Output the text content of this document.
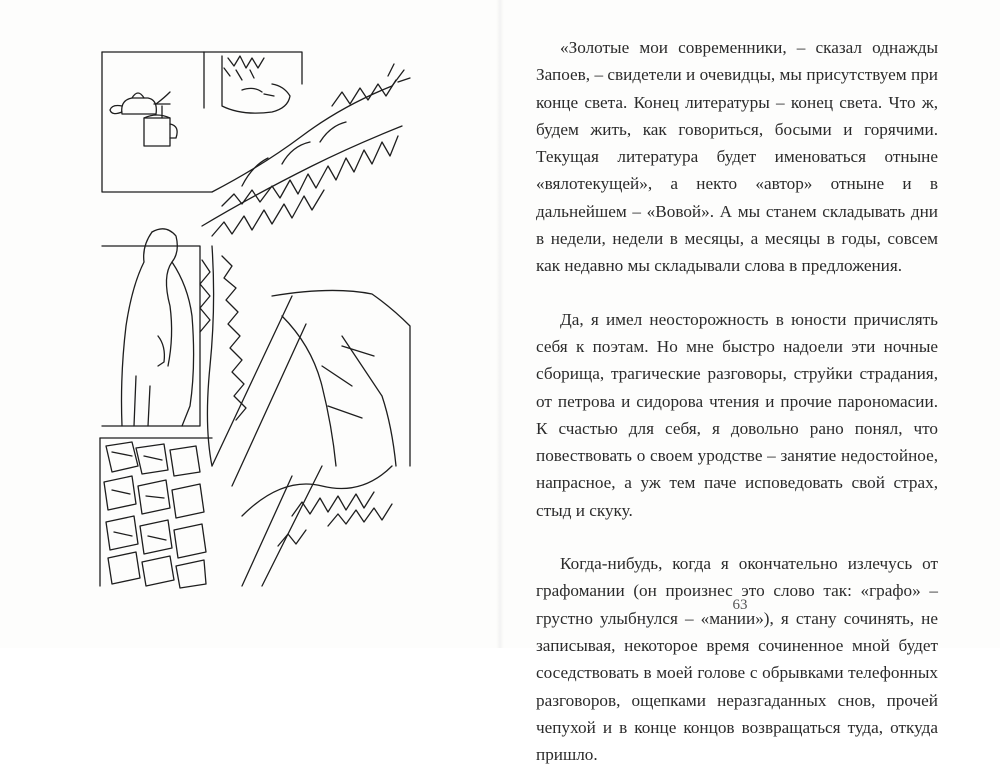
«Золотые мои современники, – сказал однажды Запоев, – свидетели и очевидцы, мы присутствуем при конце света. Конец литературы – конец света. Что ж, будем жить, как говориться, босыми и горячими. Текущая литература будет именоваться отныне «вялотекущей», а некто «автор» отныне и в дальнейшем – «Вовой». А мы станем складывать дни в недели, недели в месяцы, а месяцы в годы, совсем как недавно мы складывали слова в предложения.

Да, я имел неосторожность в юности причислять себя к поэтам. Но мне быстро надоели эти ночные сборища, трагические разговоры, струйки страдания, от петрова и сидорова чтения и прочие парономасии. К счастью для себя, я довольно рано понял, что повествовать о своем уродстве – занятие недостойное, напрасное, а уж тем паче исповедовать свой страх, стыд и скуку.

Когда-нибудь, когда я окончательно излечусь от графомании (он произнес это слово так: «графо» – грустно улыбнулся – «мании»), я стану сочинять, не записывая, некоторое время сочиненное мной будет соседствовать в моей голове с обрывками телефонных разговоров, ощепками неразгаданных снов, прочей чепухой и в конце концов возвращаться туда, откуда пришло.

63
